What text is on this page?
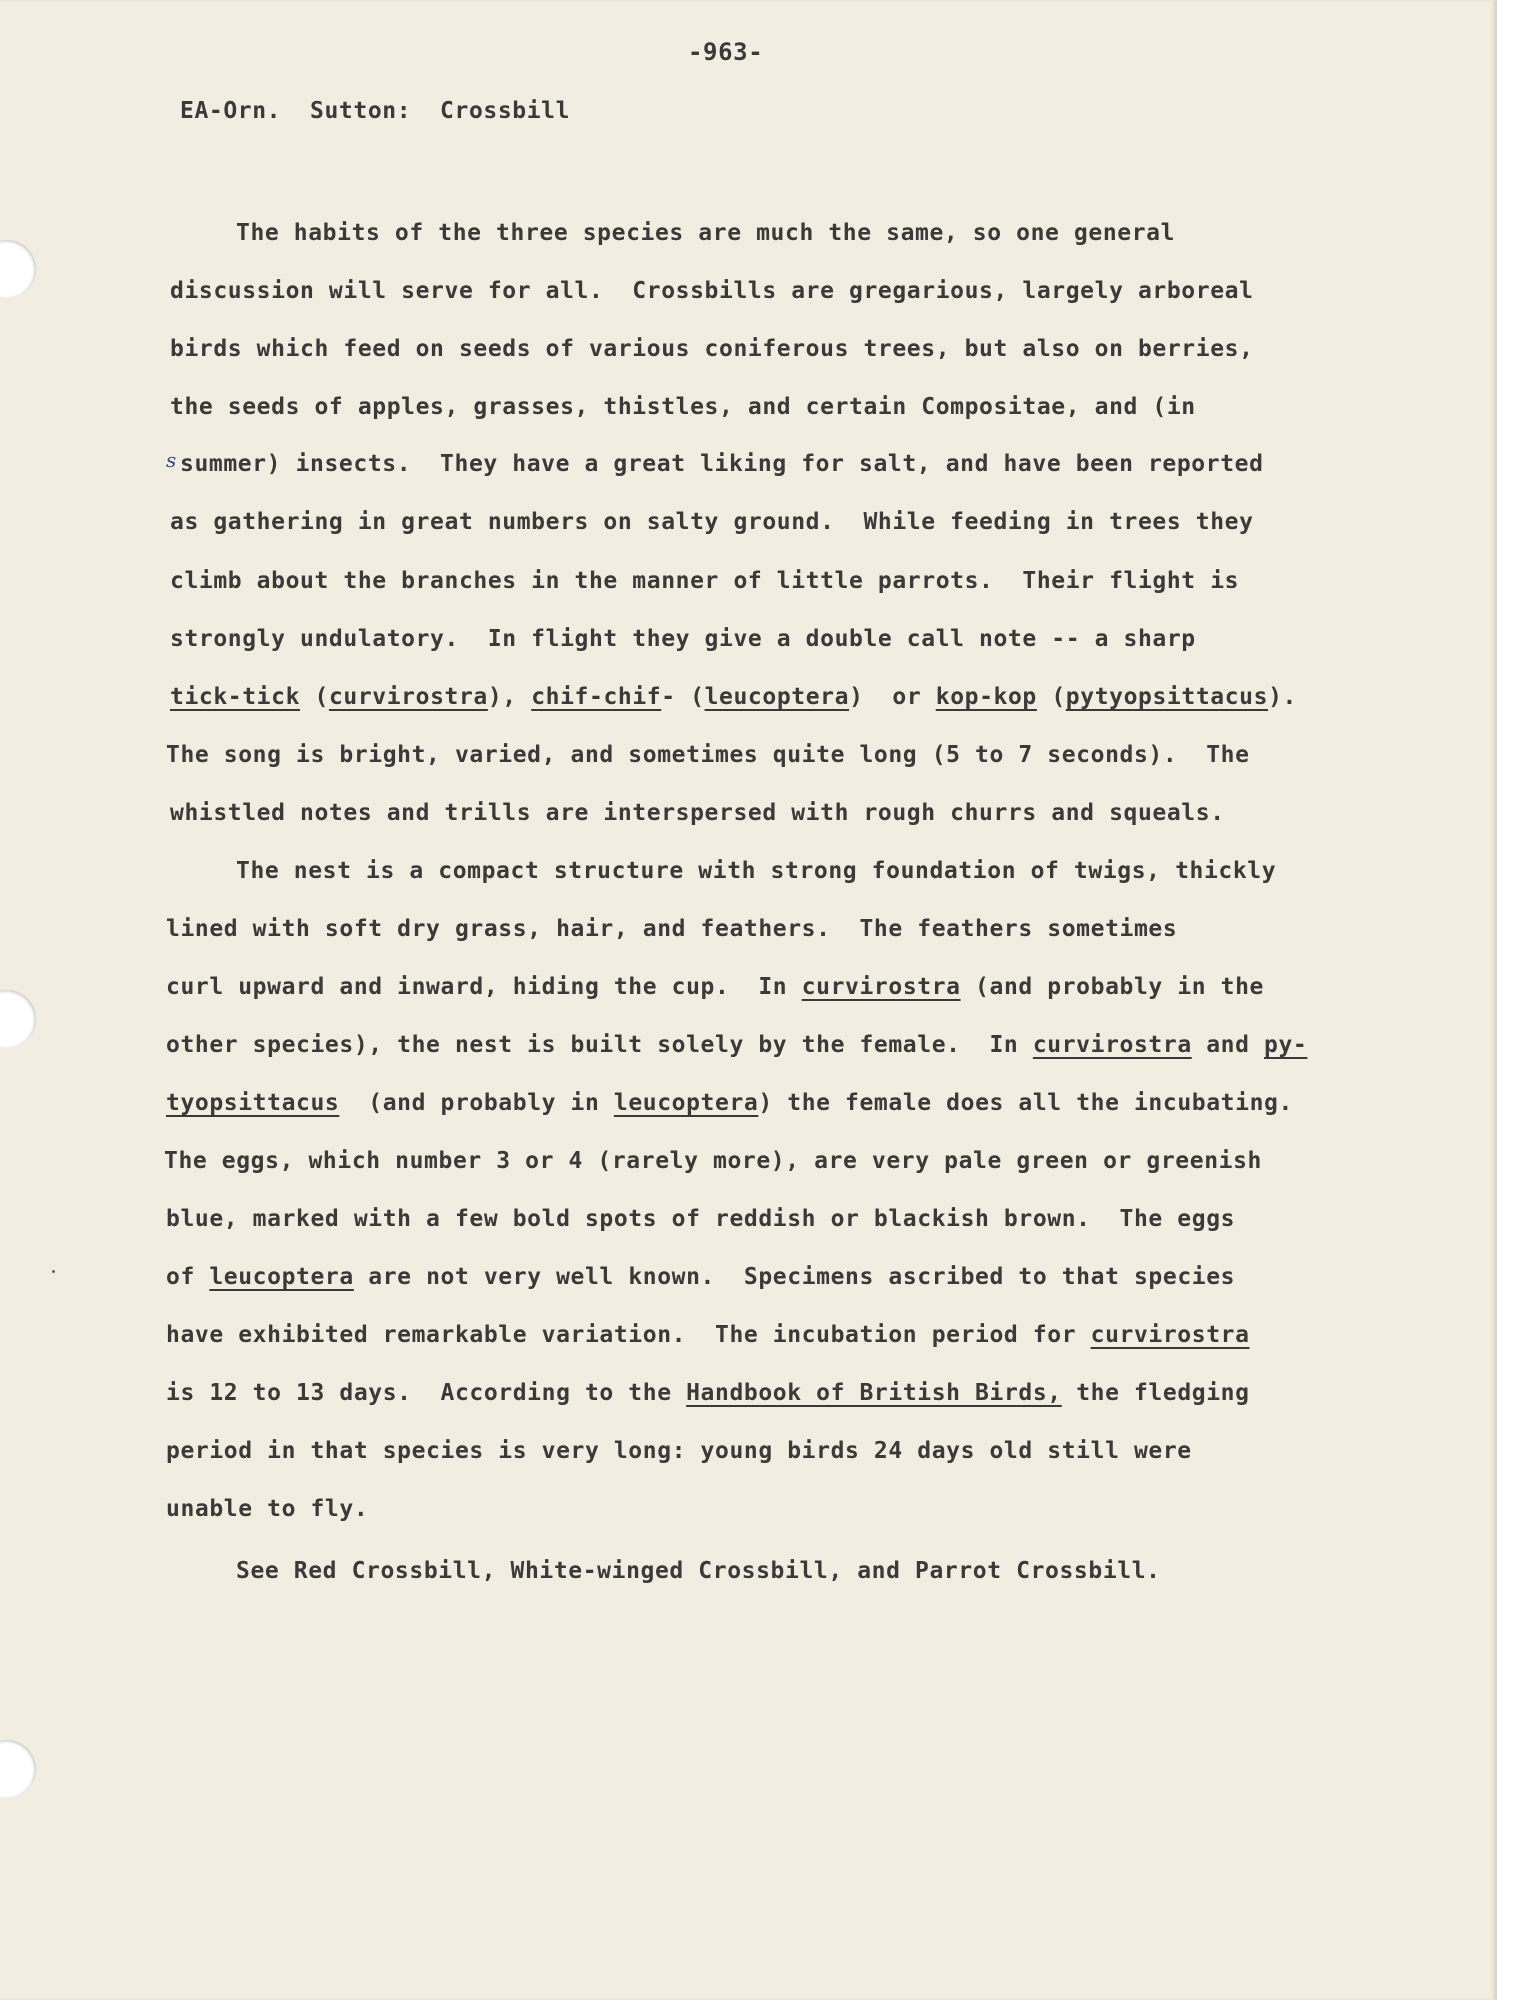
-963-
EA-Orn.  Sutton:  Crossbill
The habits of the three species are much the same, so one general
discussion will serve for all.  Crossbills are gregarious, largely arboreal
birds which feed on seeds of various coniferous trees, but also on berries,
the seeds of apples, grasses, thistles, and certain Compositae, and (in
summer) insects.  They have a great liking for salt, and have been reported
as gathering in great numbers on salty ground.  While feeding in trees they
climb about the branches in the manner of little parrots.  Their flight is
strongly undulatory.  In flight they give a double call note -- a sharp
tick-tick (curvirostra), chif-chif- (leucoptera)  or kop-kop (pytyopsittacus).
The song is bright, varied, and sometimes quite long (5 to 7 seconds).  The
whistled notes and trills are interspersed with rough churrs and squeals.
The nest is a compact structure with strong foundation of twigs, thickly
lined with soft dry grass, hair, and feathers.  The feathers sometimes
curl upward and inward, hiding the cup.  In curvirostra (and probably in the
other species), the nest is built solely by the female.  In curvirostra and py-
tyopsittacus  (and probably in leucoptera) the female does all the incubating.
The eggs, which number 3 or 4 (rarely more), are very pale green or greenish
blue, marked with a few bold spots of reddish or blackish brown.  The eggs
of leucoptera are not very well known.  Specimens ascribed to that species
have exhibited remarkable variation.  The incubation period for curvirostra
is 12 to 13 days.  According to the Handbook of British Birds, the fledging
period in that species is very long: young birds 24 days old still were
unable to fly.
See Red Crossbill, White-winged Crossbill, and Parrot Crossbill.
s
